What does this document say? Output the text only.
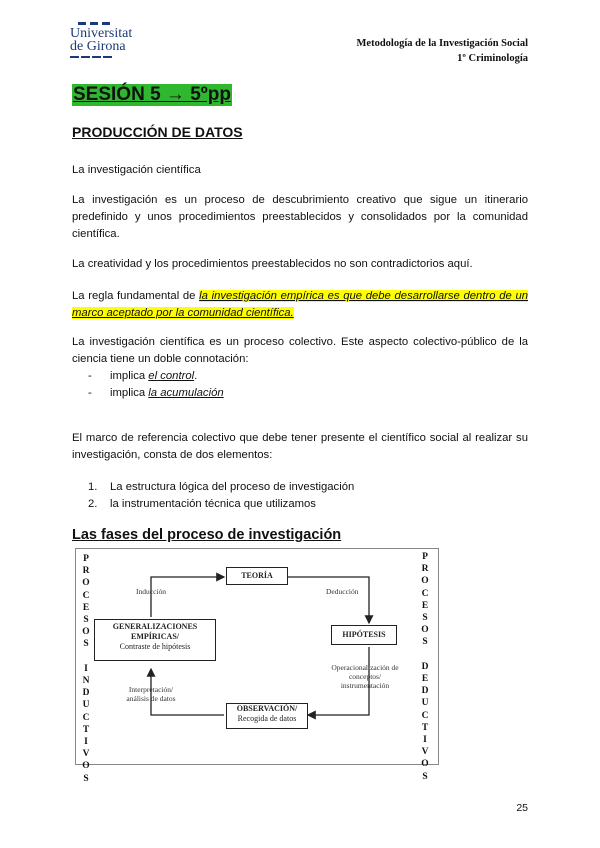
Universitat
de Girona	Metodología de la Investigación Social
1º Criminología
SESIÓN 5 → 5ºpp
PRODUCCIÓN DE DATOS
La investigación científica
La investigación es un proceso de descubrimiento creativo que sigue un itinerario predefinido y unos procedimientos preestablecidos y consolidados por la comunidad científica.
La creatividad y los procedimientos preestablecidos no son contradictorios aquí.
La regla fundamental de la investigación empírica es que debe desarrollarse dentro de un marco aceptado por la comunidad científica.
La investigación científica es un proceso colectivo. Este aspecto colectivo-público de la ciencia tiene un doble connotación:
- implica el control.
- implica la acumulación
El marco de referencia colectivo que debe tener presente el científico social al realizar su investigación, consta de dos elementos:
1. La estructura lógica del proceso de investigación
2. la instrumentación técnica que utilizamos
Las fases del proceso de investigación
P
R
O
C
E
S
O
S

I
N
D
U
C
T
I
V
O
S
TEORÍA
HIPÓTESIS
OBSERVACIÓN/
Recogida de datos
GENERALIZACIONES EMPÍRICAS/
Contraste de hipótesis
Inducción	Deducción
Operacionalización de conceptos/ instrumentación
Interpretación/ análisis de datos
P
R
O
C
E
S
O
S

D
E
D
U
C
T
I
V
O
S
25
